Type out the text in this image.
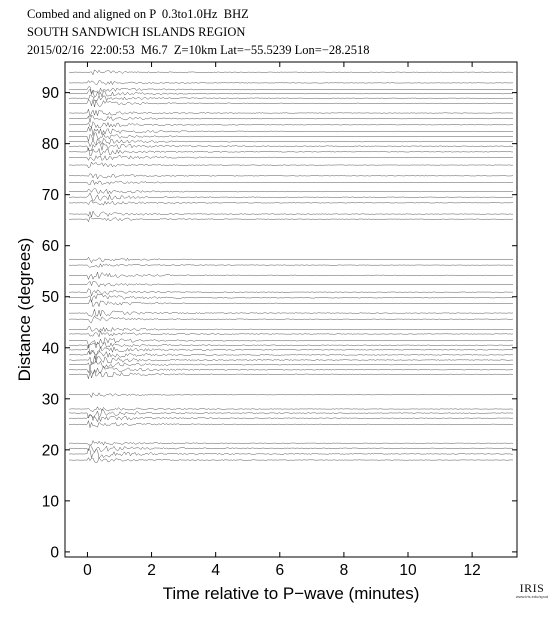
Combed and aligned on P  0.3to1.0Hz  BHZ
SOUTH SANDWICH ISLANDS REGION
2015/02/16  22:00:53  M6.7  Z=10km Lat=−55.5239 Lon=−28.2518
0	2	4	6	8	10	12
0
10
20
30
40
50
60
70
80
90
Time relative to P−wave (minutes)
Distance (degrees)
IRIS
www.iris.edu/spud
